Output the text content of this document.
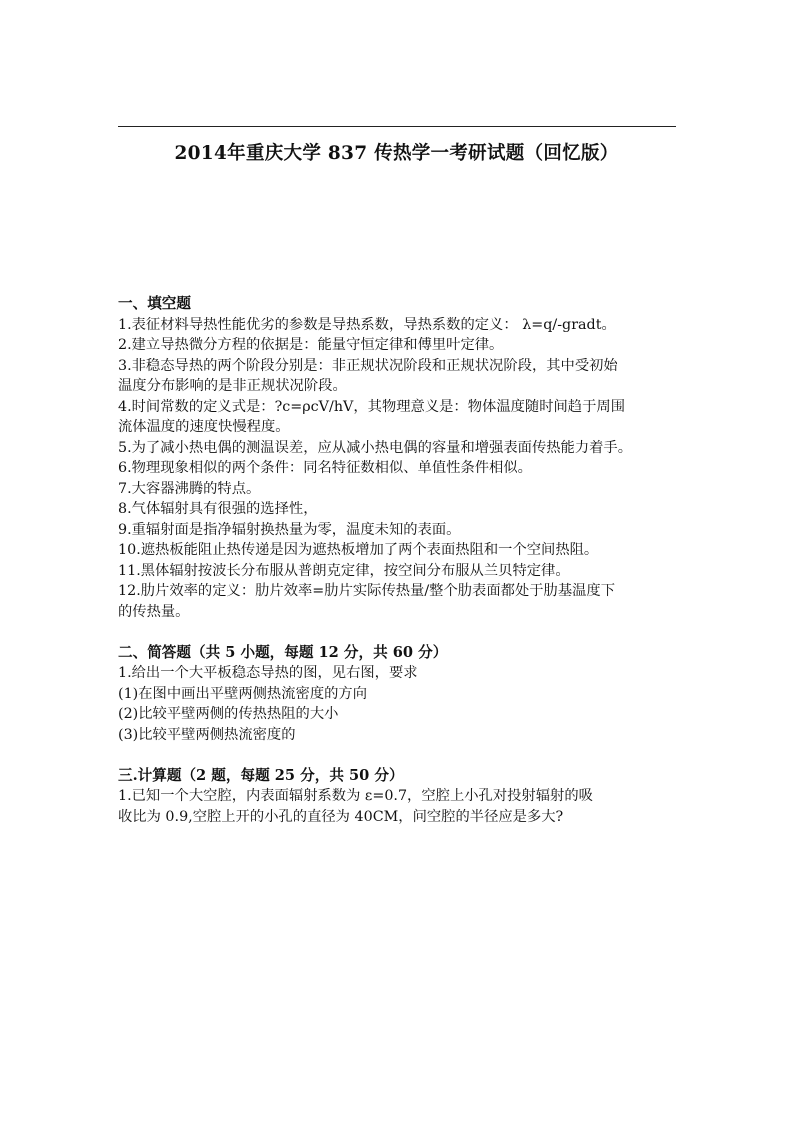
2014年重庆大学 837 传热学一考研试题（回忆版）
一、填空题
1.表征材料导热性能优劣的参数是导热系数，导热系数的定义： λ=q/-gradt。
2.建立导热微分方程的依据是：能量守恒定律和傅里叶定律。
3.非稳态导热的两个阶段分别是：非正规状况阶段和正规状况阶段，其中受初始
温度分布影响的是非正规状况阶段。
4.时间常数的定义式是：?c=ρcV/hV，其物理意义是：物体温度随时间趋于周围
流体温度的速度快慢程度。
5.为了减小热电偶的测温误差，应从减小热电偶的容量和增强表面传热能力着手。
6.物理现象相似的两个条件：同名特征数相似、单值性条件相似。
7.大容器沸腾的特点。
8.气体辐射具有很强的选择性，
9.重辐射面是指净辐射换热量为零，温度未知的表面。
10.遮热板能阻止热传递是因为遮热板增加了两个表面热阻和一个空间热阻。
11.黑体辐射按波长分布服从普朗克定律，按空间分布服从兰贝特定律。
12.肋片效率的定义：肋片效率=肋片实际传热量/整个肋表面都处于肋基温度下
的传热量。
二、简答题（共 5 小题，每题 12 分，共 60 分）
1.给出一个大平板稳态导热的图，见右图，要求
(1)在图中画出平壁两侧热流密度的方向
(2)比较平壁两侧的传热热阻的大小
(3)比较平壁两侧热流密度的
三.计算题（2 题，每题 25 分，共 50 分）
1.已知一个大空腔，内表面辐射系数为 ε=0.7，空腔上小孔对投射辐射的吸
收比为 0.9,空腔上开的小孔的直径为 40CM，问空腔的半径应是多大?
